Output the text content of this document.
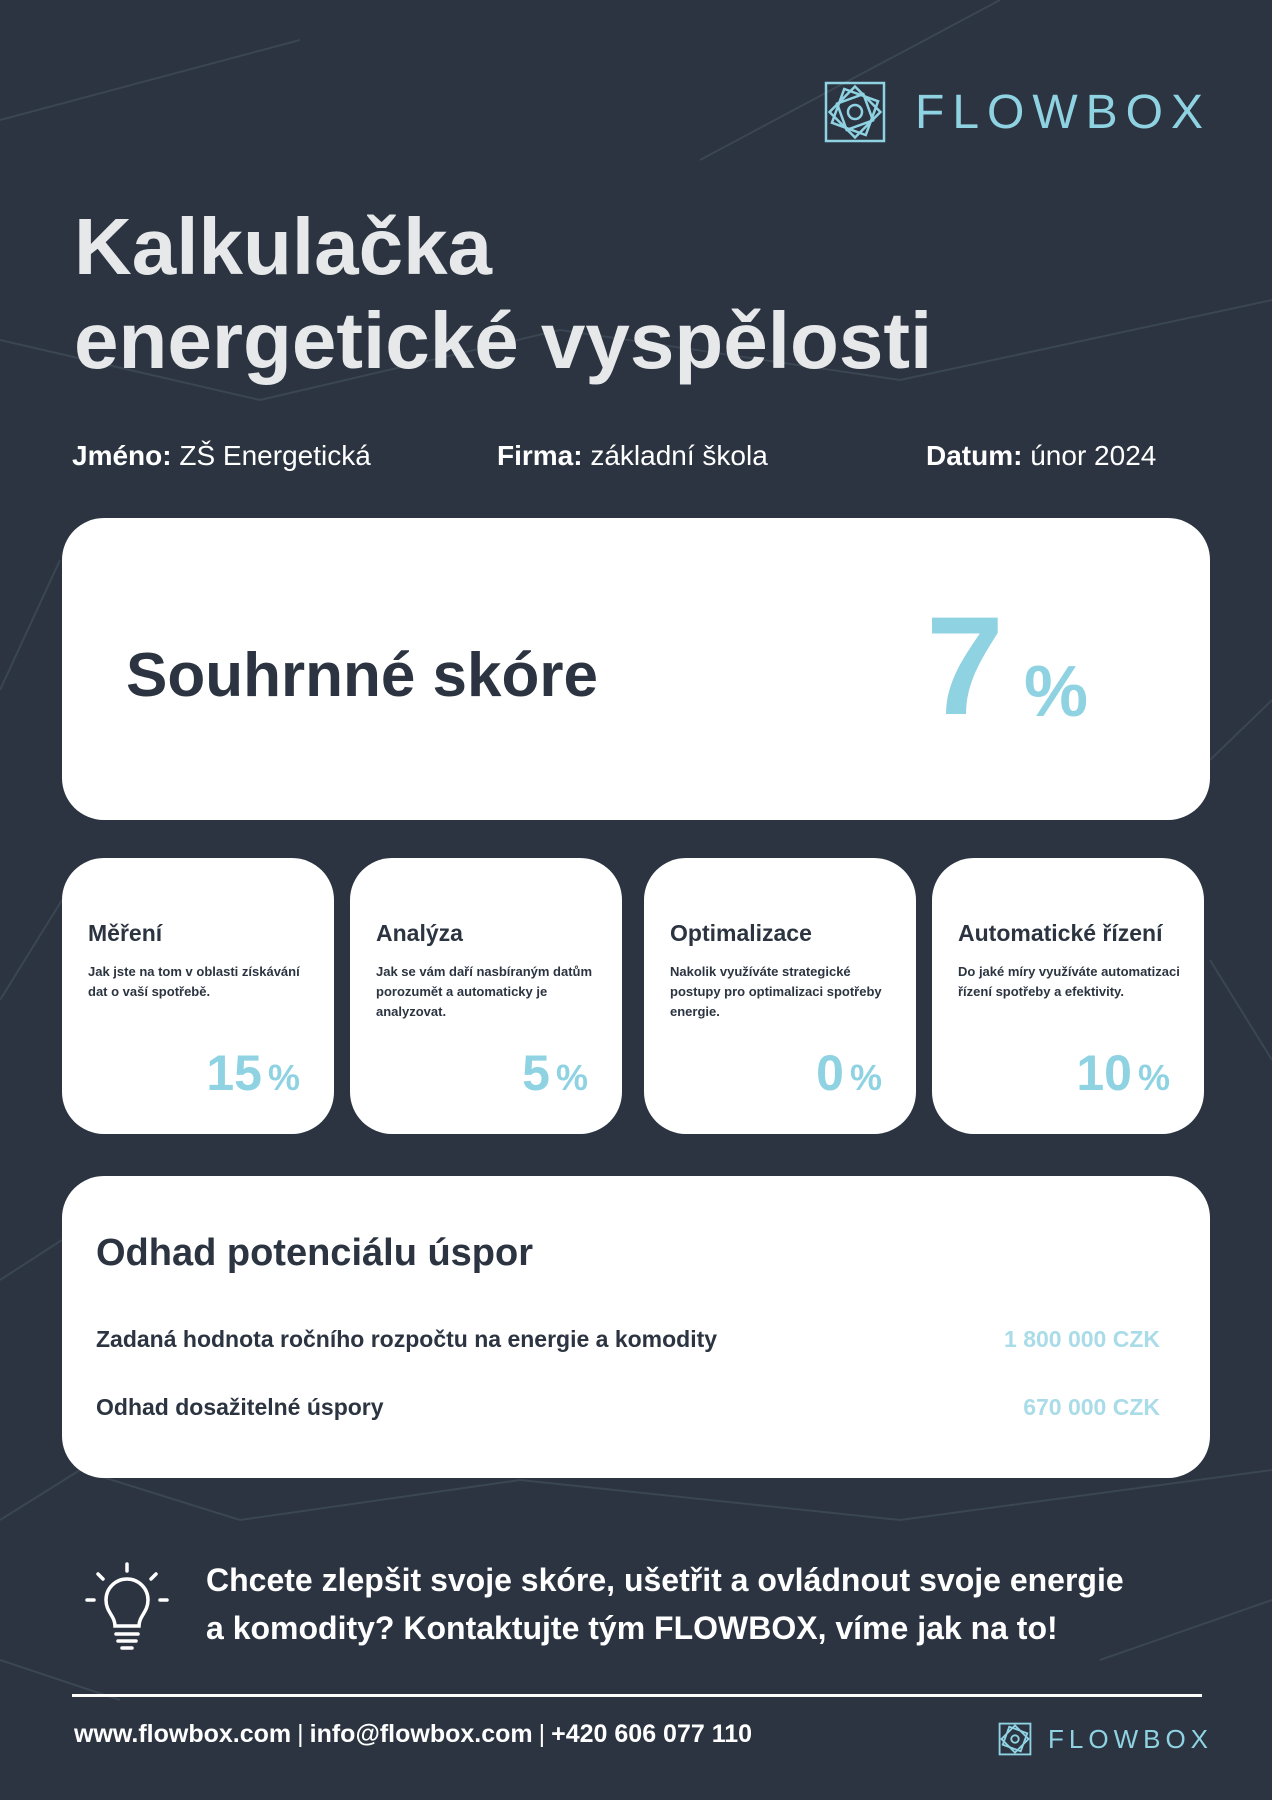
FLOWBOX
Kalkulačka
energetické vyspělosti
Jméno: ZŠ Energetická	Firma: základní škola	Datum: únor 2024
Souhrnné skóre 7 %
Měření
Jak jste na tom v oblasti získávání dat o vaší spotřebě.
15 %
Analýza
Jak se vám daří nasbíraným datům porozumět a automaticky je analyzovat.
5 %
Optimalizace
Nakolik využíváte strategické postupy pro optimalizaci spotřeby energie.
0 %
Automatické řízení
Do jaké míry využíváte automatizaci řízení spotřeby a efektivity.
10 %
Odhad potenciálu úspor
Zadaná hodnota ročního rozpočtu na energie a komodity	1 800 000 CZK
Odhad dosažitelné úspory	670 000 CZK
Chcete zlepšit svoje skóre, ušetřit a ovládnout svoje energie
a komodity? Kontaktujte tým FLOWBOX, víme jak na to!
www.flowbox.com | info@flowbox.com | +420 606 077 110	FLOWBOX
